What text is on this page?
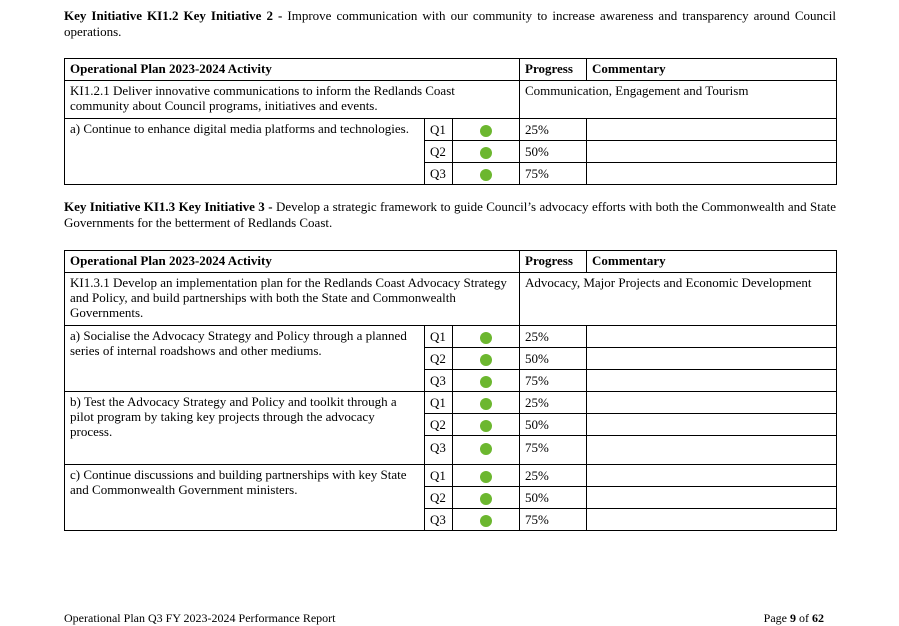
Key Initiative KI1.2 Key Initiative 2 - Improve communication with our community to increase awareness and transparency around Council operations.

Operational Plan 2023-2024 Activity			Progress	Commentary
KI1.2.1 Deliver innovative communications to inform the Redlands Coast community about Council programs, initiatives and events.			Communication, Engagement and Tourism	
a) Continue to enhance digital media platforms and technologies.	Q1		25%	
	Q2		50%	
	Q3		75%	

Key Initiative KI1.3 Key Initiative 3 - Develop a strategic framework to guide Council’s advocacy efforts with both the Commonwealth and State Governments for the betterment of Redlands Coast.

Operational Plan 2023-2024 Activity			Progress	Commentary
KI1.3.1 Develop an implementation plan for the Redlands Coast Advocacy Strategy and Policy, and build partnerships with both the State and Commonwealth Governments.			Advocacy, Major Projects and Economic Development	
a) Socialise the Advocacy Strategy and Policy through a planned series of internal roadshows and other mediums.	Q1		25%	
	Q2		50%	
	Q3		75%	
b) Test the Advocacy Strategy and Policy and toolkit through a pilot program by taking key projects through the advocacy process.	Q1		25%	
	Q2		50%	
	Q3		75%	
c) Continue discussions and building partnerships with key State and Commonwealth Government ministers.	Q1		25%	
	Q2		50%	
	Q3		75%	
Operational Plan Q3 FY 2023-2024 Performance Report	Page 9 of 62
